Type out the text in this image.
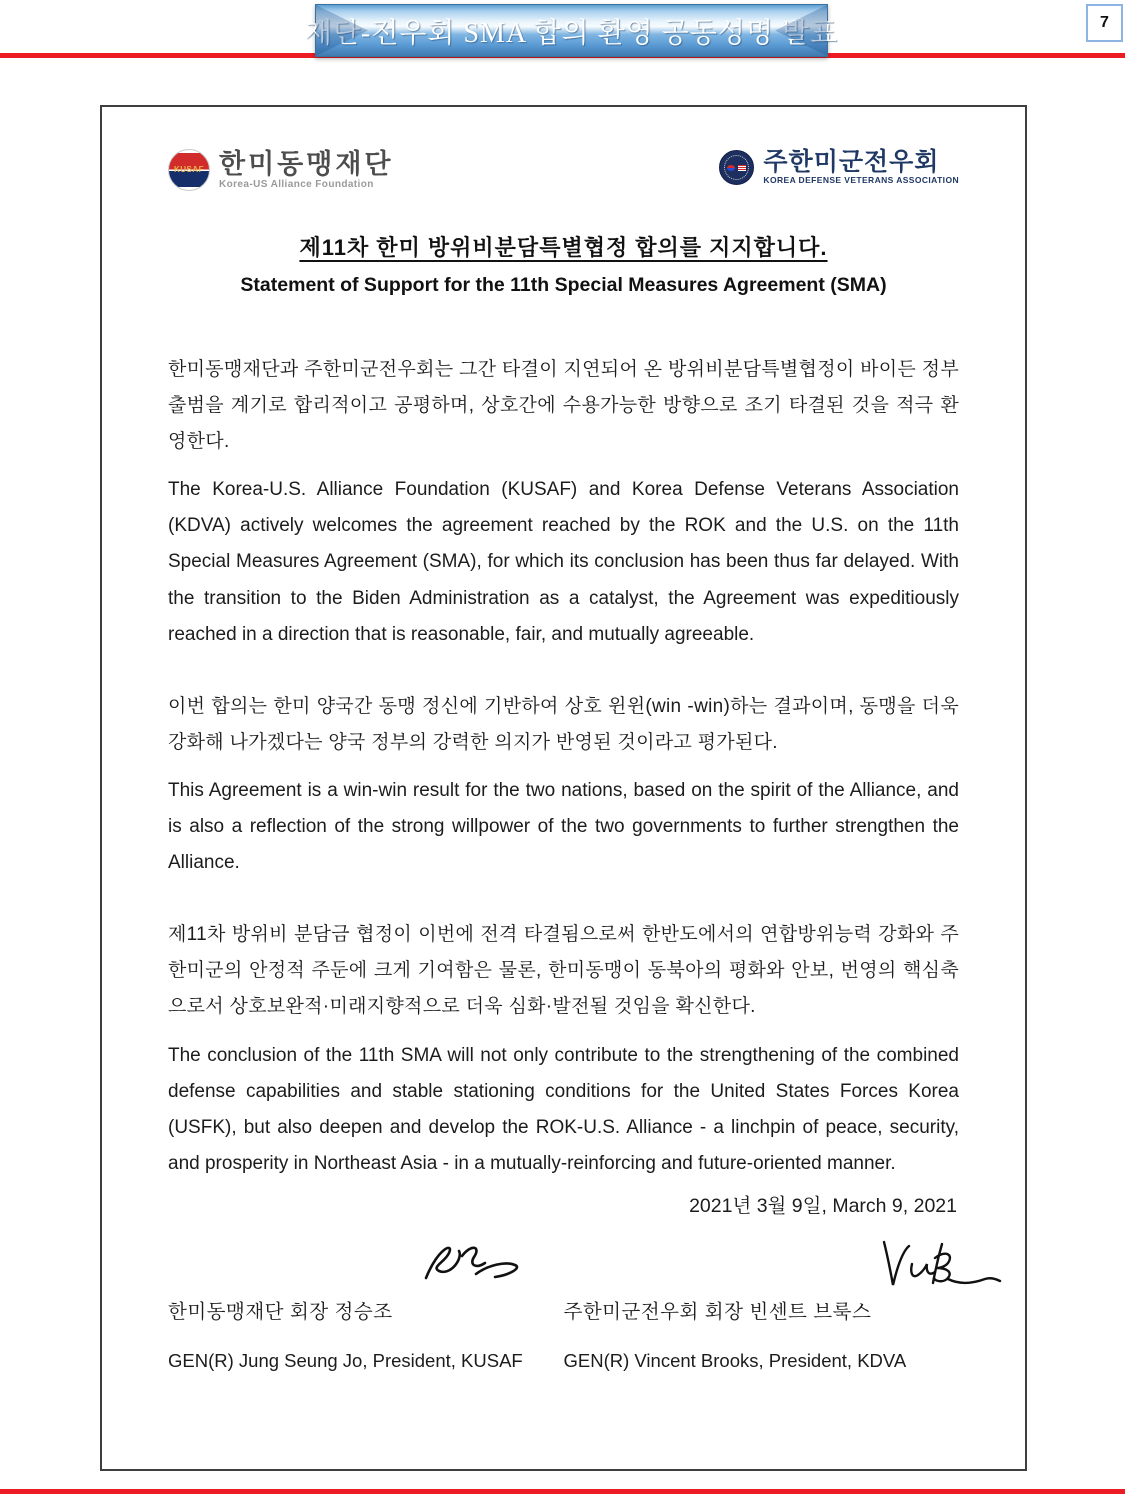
재단-전우회 SMA 합의 환영 공동성명 발표	7
KUSAF 한미동맹재단
Korea-US Alliance Foundation
주한미군전우회
KOREA DEFENSE VETERANS ASSOCIATION
제11차 한미 방위비분담특별협정 합의를 지지합니다.
Statement of Support for the 11th Special Measures Agreement (SMA)

한미동맹재단과 주한미군전우회는 그간 타결이 지연되어 온 방위비분담특별협정이 바이든 정부 출범을 계기로 합리적이고 공평하며, 상호간에 수용가능한 방향으로 조기 타결된 것을 적극 환영한다.

The Korea-U.S. Alliance Foundation (KUSAF) and Korea Defense Veterans Association (KDVA) actively welcomes the agreement reached by the ROK and the U.S. on the 11th Special Measures Agreement (SMA), for which its conclusion has been thus far delayed. With the transition to the Biden Administration as a catalyst, the Agreement was expeditiously reached in a direction that is reasonable, fair, and mutually agreeable.

이번 합의는 한미 양국간 동맹 정신에 기반하여 상호 윈윈(win -win)하는 결과이며, 동맹을 더욱 강화해 나가겠다는 양국 정부의 강력한 의지가 반영된 것이라고 평가된다.

This Agreement is a win-win result for the two nations, based on the spirit of the Alliance, and is also a reflection of the strong willpower of the two governments to further strengthen the Alliance.

제11차 방위비 분담금 협정이 이번에 전격 타결됨으로써 한반도에서의 연합방위능력 강화와 주한미군의 안정적 주둔에 크게 기여함은 물론, 한미동맹이 동북아의 평화와 안보, 번영의 핵심축으로서 상호보완적·미래지향적으로 더욱 심화·발전될 것임을 확신한다.

The conclusion of the 11th SMA will not only contribute to the strengthening of the combined defense capabilities and stable stationing conditions for the United States Forces Korea (USFK), but also deepen and develop the ROK-U.S. Alliance - a linchpin of peace, security, and prosperity in Northeast Asia - in a mutually-reinforcing and future-oriented manner.

2021년 3월 9일, March 9, 2021
한미동맹재단 회장 정승조
GEN(R) Jung Seung Jo, President, KUSAF
주한미군전우회 회장 빈센트 브룩스
GEN(R) Vincent Brooks, President, KDVA
